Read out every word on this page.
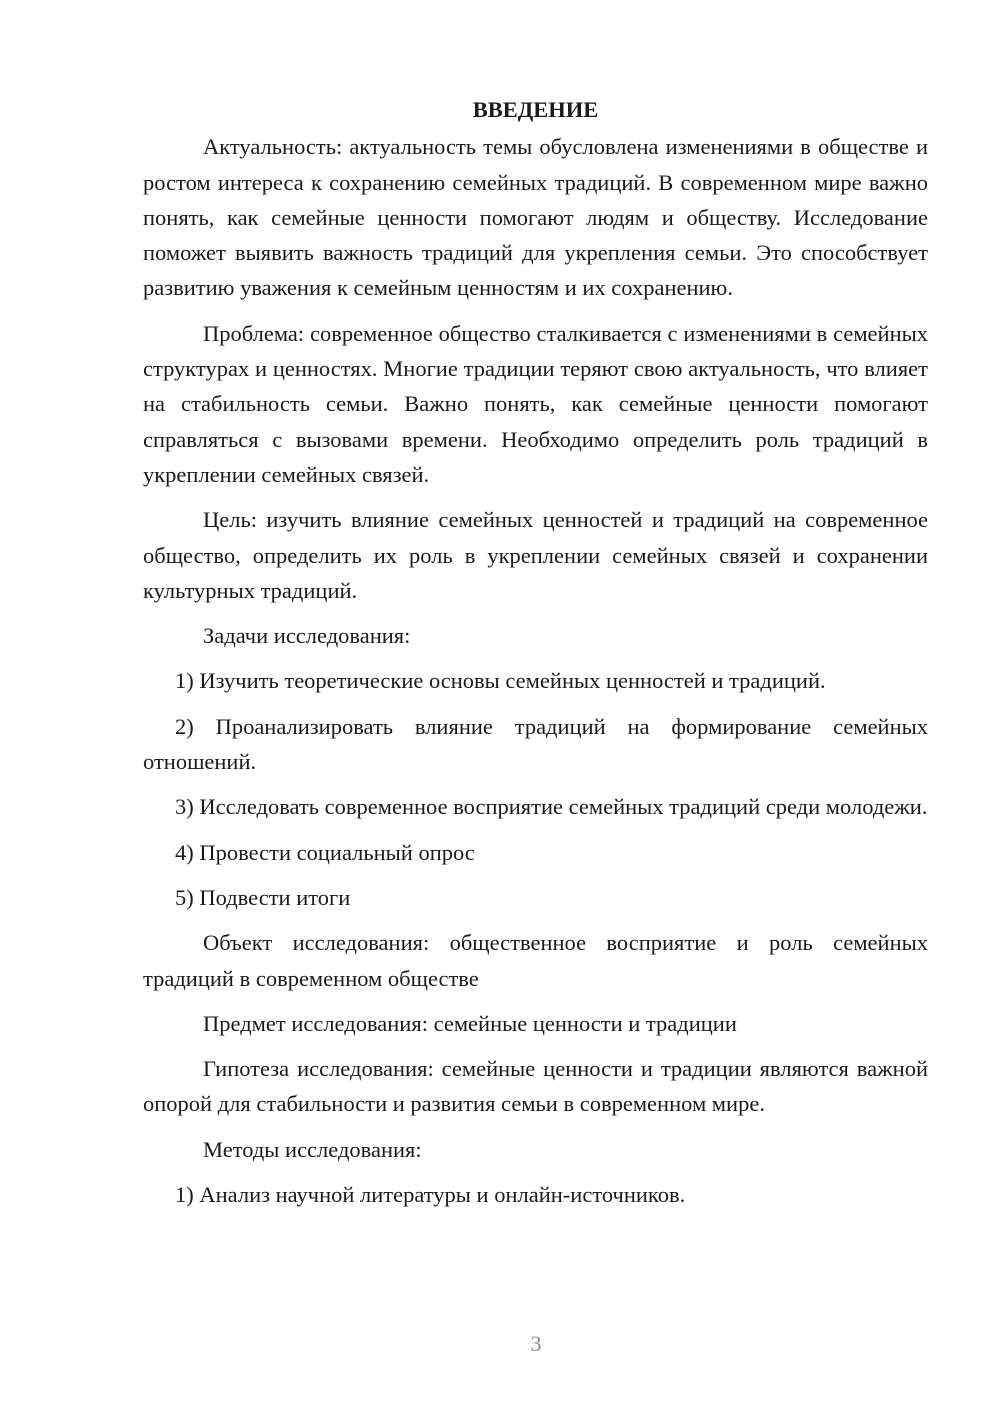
ВВЕДЕНИЕ

Актуальность: актуальность темы обусловлена изменениями в обществе и ростом интереса к сохранению семейных традиций. В современном мире важно понять, как семейные ценности помогают людям и обществу. Исследование поможет выявить важность традиций для укрепления семьи. Это способствует развитию уважения к семейным ценностям и их сохранению.

Проблема: современное общество сталкивается с изменениями в семейных структурах и ценностях. Многие традиции теряют свою актуальность, что влияет на стабильность семьи. Важно понять, как семейные ценности помогают справляться с вызовами времени. Необходимо определить роль традиций в укреплении семейных связей.

Цель: изучить влияние семейных ценностей и традиций на современное общество, определить их роль в укреплении семейных связей и сохранении культурных традиций.

Задачи исследования:

1) Изучить теоретические основы семейных ценностей и традиций.

2) Проанализировать влияние традиций на формирование семейных отношений.

3) Исследовать современное восприятие семейных традиций среди молодежи.

4) Провести социальный опрос

5) Подвести итоги

Объект исследования: общественное восприятие и роль семейных традиций в современном обществе

Предмет исследования: семейные ценности и традиции

Гипотеза исследования: семейные ценности и традиции являются важной опорой для стабильности и развития семьи в современном мире.

Методы исследования:

1) Анализ научной литературы и онлайн-источников.

3
